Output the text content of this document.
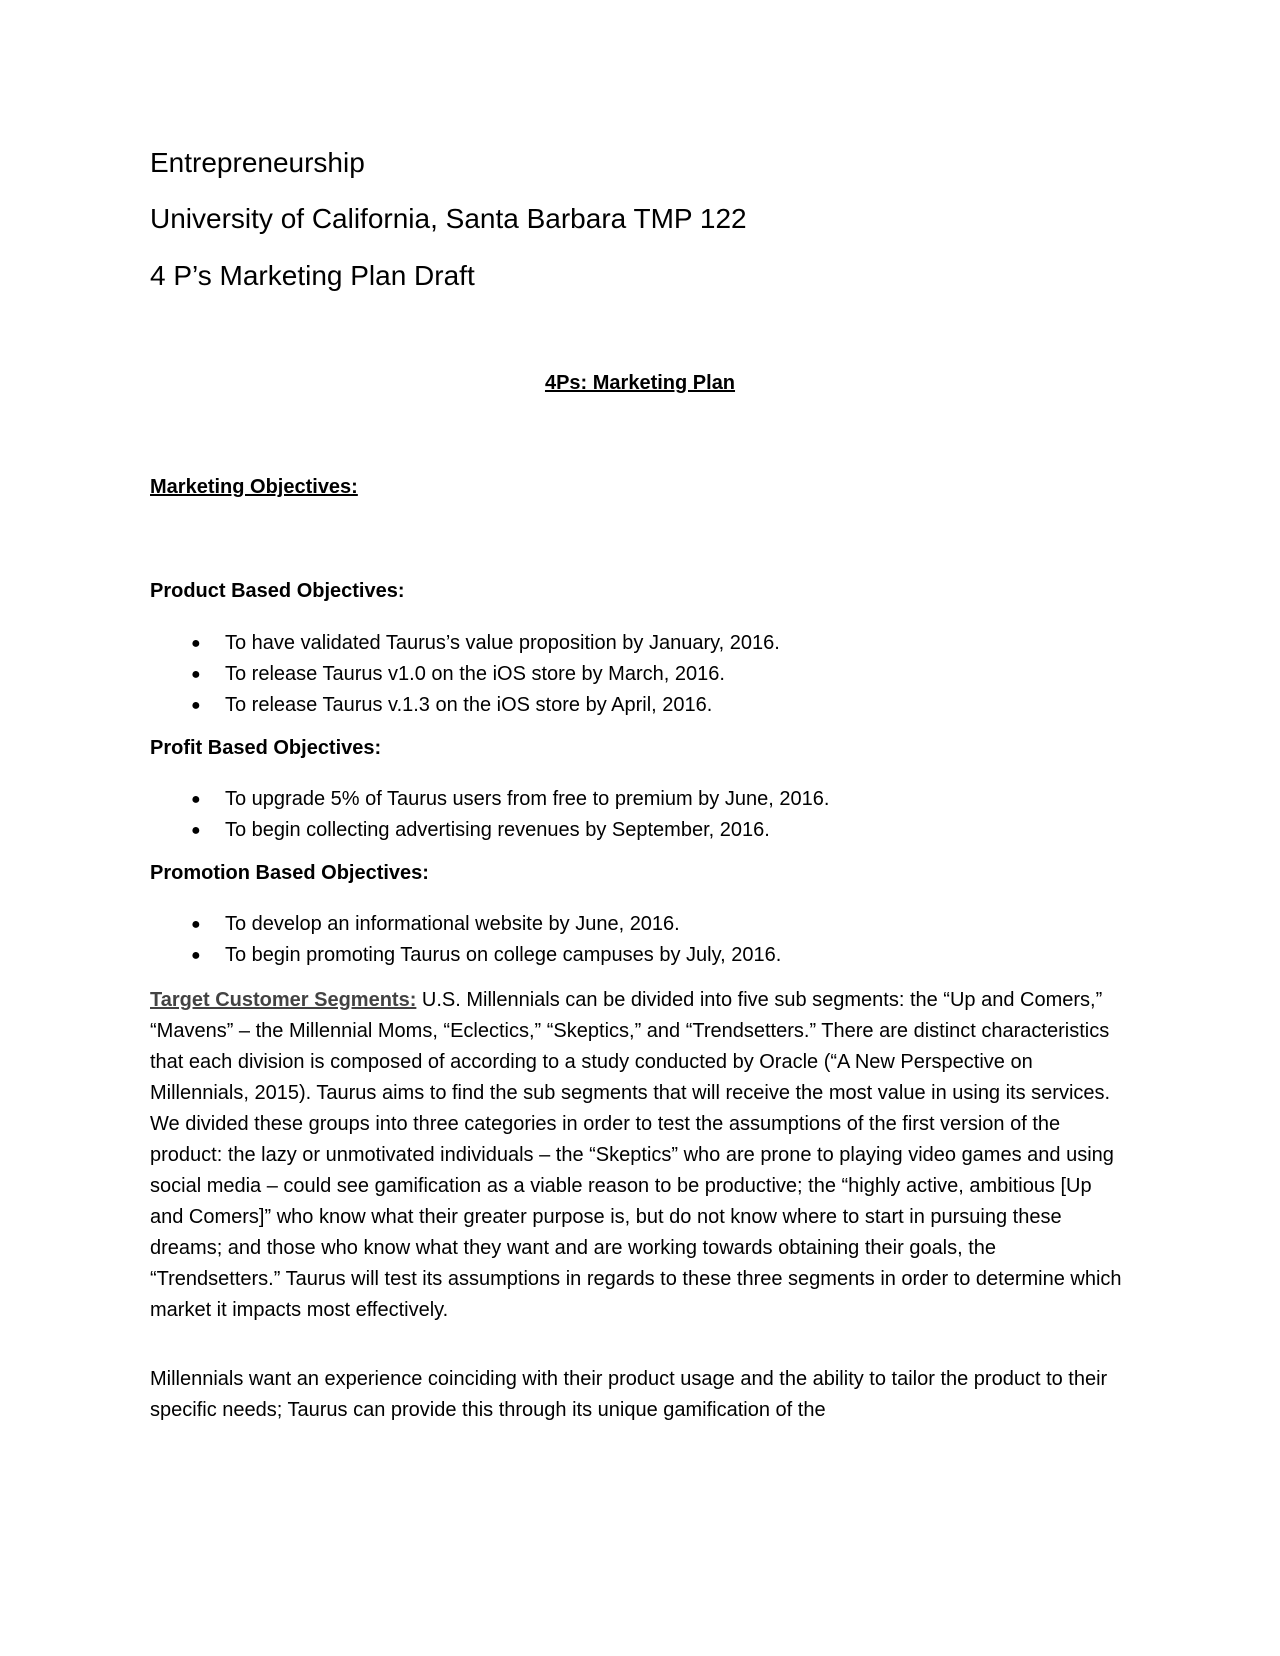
Entrepreneurship
University of California, Santa Barbara TMP 122
4 P’s Marketing Plan Draft
4Ps: Marketing Plan
Marketing Objectives:
Product Based Objectives:
● To have validated Taurus’s value proposition by January, 2016.
● To release Taurus v1.0 on the iOS store by March, 2016.
● To release Taurus v.1.3 on the iOS store by April, 2016.
Profit Based Objectives:
● To upgrade 5% of Taurus users from free to premium by June, 2016.
● To begin collecting advertising revenues by September, 2016.
Promotion Based Objectives:
● To develop an informational website by June, 2016.
● To begin promoting Taurus on college campuses by July, 2016.
Target Customer Segments: U.S. Millennials can be divided into five sub segments: the “Up and Comers,” “Mavens” – the Millennial Moms, “Eclectics,” “Skeptics,” and “Trendsetters.” There are distinct characteristics that each division is composed of according to a study conducted by Oracle (“A New Perspective on Millennials, 2015). Taurus aims to find the sub segments that will receive the most value in using its services. We divided these groups into three categories in order to test the assumptions of the first version of the product: the lazy or unmotivated individuals – the “Skeptics” who are prone to playing video games and using social media – could see gamification as a viable reason to be productive; the “highly active, ambitious [Up and Comers]” who know what their greater purpose is, but do not know where to start in pursuing these dreams; and those who know what they want and are working towards obtaining their goals, the “Trendsetters.” Taurus will test its assumptions in regards to these three segments in order to determine which market it impacts most effectively.
Millennials want an experience coinciding with their product usage and the ability to tailor the product to their specific needs; Taurus can provide this through its unique gamification of the
